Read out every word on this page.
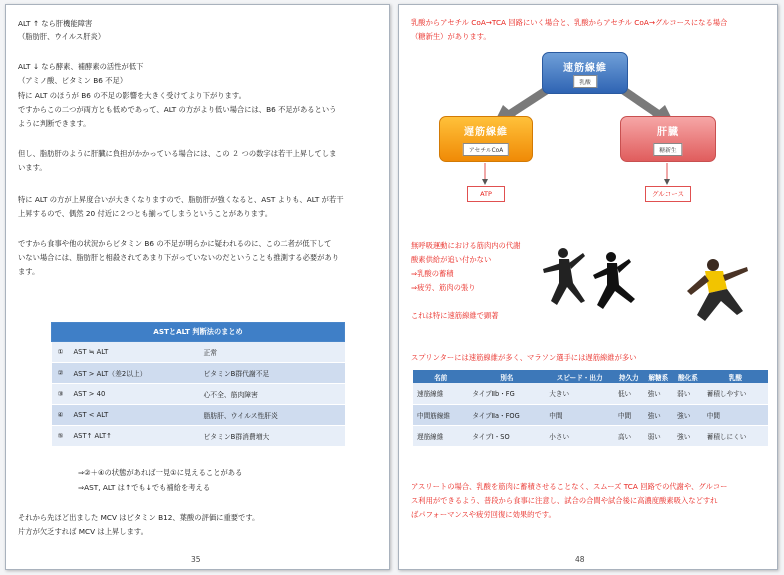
ALT ↑ なら肝機能障害
（脂肪肝、ウイルス肝炎）
ALT ↓ なら酵素、補酵素の活性が低下
（アミノ酸、ビタミン B6 不足）
特に ALT のほうが B6 の不足の影響を大きく受けてより下がります。
ですからこの二つが両方とも低めであって、ALT の方がより低い場合には、B6 不足があるという
ように判断できます。
但し、脂肪肝のように肝臓に負担がかかっている場合には、この ２ つの数字は若干上昇してしま
います。
特に ALT の方が上昇度合いが大きくなりますので、脂肪肝が強くなると、AST よりも、ALT が若干
上昇するので、偶然 20 付近に２つとも揃ってしまうということがあります。
ですから食事や他の状況からビタミン B6 の不足が明らかに疑われるのに、この二者が低下して
いない場合には、脂肪肝と相殺されてあまり下がっていないのだということも推測する必要があり
ます。
ASTとALT 判断法のまとめ		
①	AST ≒ ALT	正常
②	AST > ALT（差2以上）	ビタミンB群代謝不足
③	AST > 40	心不全、筋肉障害
④	AST < ALT	脂肪肝、ウイルス性肝炎
⑤	AST↑ ALT↑	ビタミンB群消費増大
⇒②＋④の状態があれば一見①に見えることがある
⇒AST, ALT は↑でも↓でも補給を考える
それから先ほど出ました MCV はビタミン B12、葉酸の評価に重要です。
片方が欠乏すれば MCV は上昇します。
35
乳酸からアセチル CoA→TCA 回路にいく場合と、乳酸からアセチル CoA→グルコースになる場合
（糖新生）があります。
速筋線維
乳酸
遅筋線維
アセチルCoA
肝臓
糖新生
ATP	グルコース
無呼吸運動における筋肉内の代謝
酸素供給が追い付かない
⇒乳酸の蓄積
⇒疲労、筋肉の張り
これは特に速筋線維で顕著
スプリンターには速筋線維が多く、マラソン選手には遅筋線維が多い
名前	別名	スピード・出力	持久力	解糖系	酸化系	乳酸
速筋線維	タイプⅡb・FG	大きい	低い	強い	弱い	蓄積しやすい
中間筋線維	タイプⅡa・FOG	中間	中間	強い	強い	中間
遅筋線維	タイプⅠ・SO	小さい	高い	弱い	強い	蓄積しにくい
アスリートの場合、乳酸を筋肉に蓄積させることなく、スムーズ TCA 回路での代謝や、グルコー
ス利用ができるよう、普段から食事に注意し、試合の合間や試合後に高濃度酸素吸入などすれ
ばパフォーマンスや疲労回復に効果的です。
48
